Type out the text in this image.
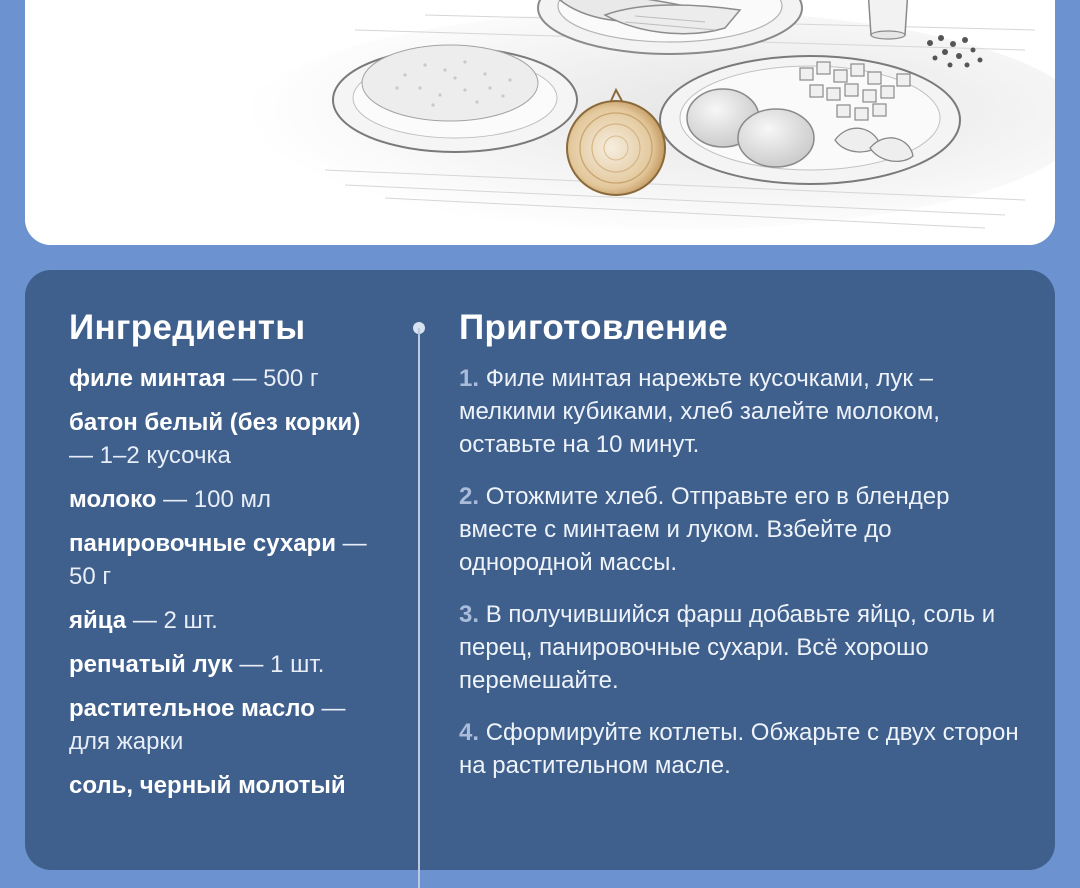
Ингредиенты
филе минтая — 500 г
батон белый (без корки) — 1–2 кусочка
молоко — 100 мл
панировочные сухари — 50 г
яйца — 2 шт.
репчатый лук — 1 шт.
растительное масло — для жарки
соль, черный молотый
Приготовление

1. Филе минтая нарежьте кусочками, лук – мелкими кубиками, хлеб залейте молоком, оставьте на 10 минут.

2. Отожмите хлеб. Отправьте его в блендер вместе с минтаем и луком. Взбейте до однородной массы.

3. В получившийся фарш добавьте яйцо, соль и перец, панировочные сухари. Всё хорошо перемешайте.

4. Сформируйте котлеты. Обжарьте с двух сторон на растительном масле.
